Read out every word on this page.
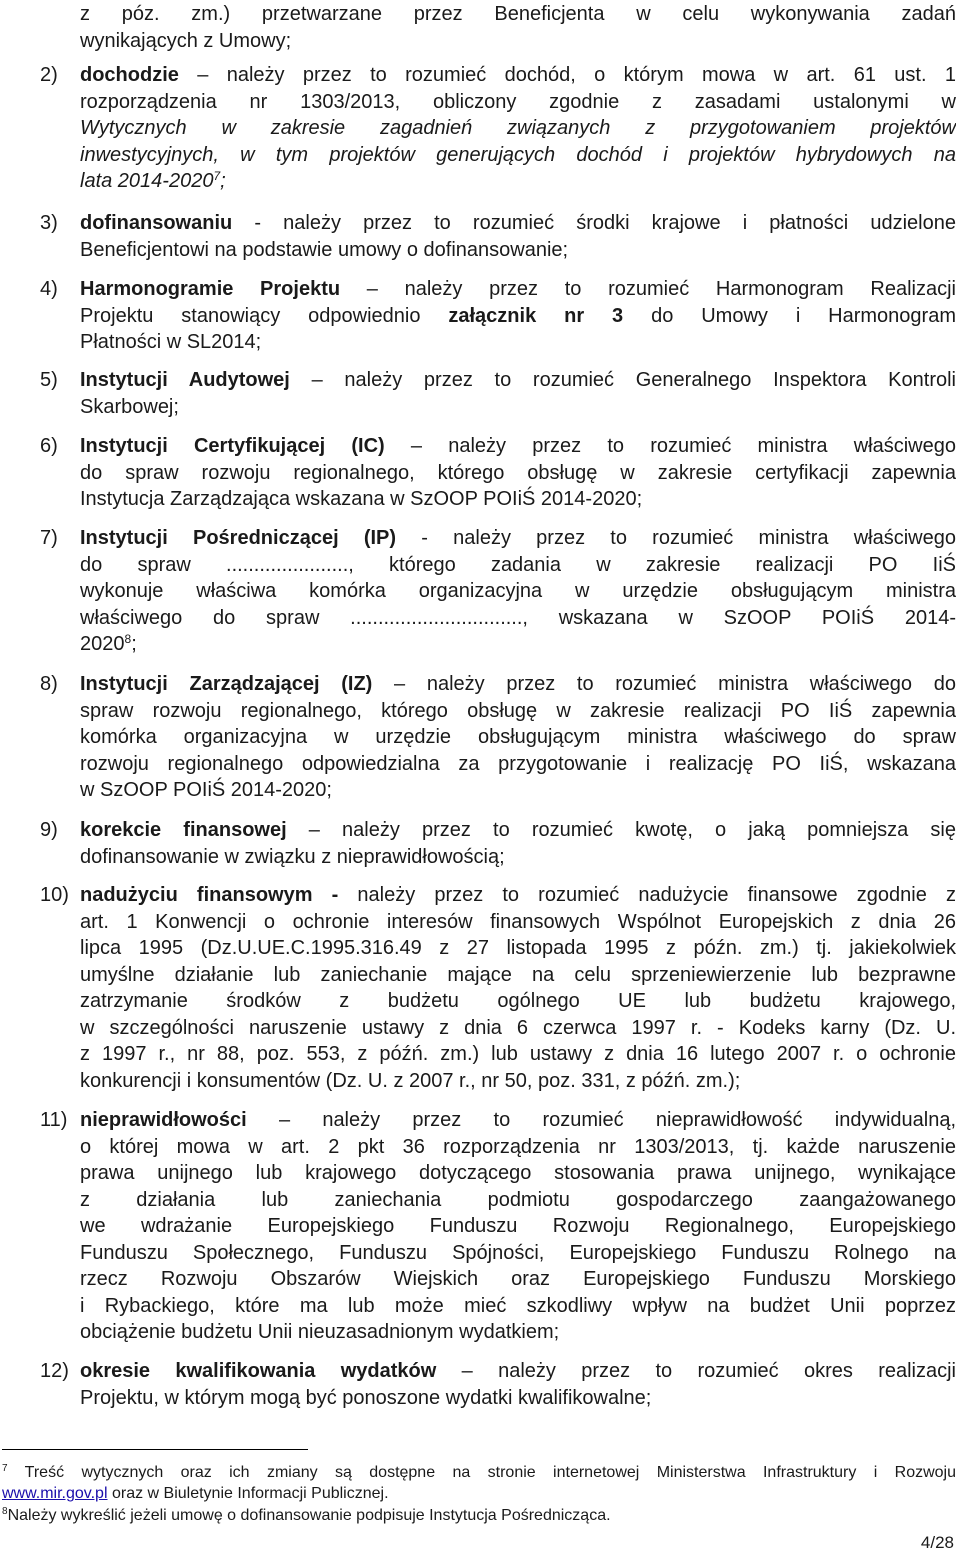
z póz. zm.) przetwarzane przez Beneficjenta w celu wykonywania zadań
wynikających z Umowy;
2) dochodzie – należy przez to rozumieć dochód, o którym mowa w art. 61 ust. 1
rozporządzenia nr 1303/2013, obliczony zgodnie z zasadami ustalonymi w
Wytycznych w zakresie zagadnień związanych z przygotowaniem projektów
inwestycyjnych, w tym projektów generujących dochód i projektów hybrydowych na
lata 2014-2020$^7$;
3) dofinansowaniu - należy przez to rozumieć środki krajowe i płatności udzielone
Beneficjentowi na podstawie umowy o dofinansowanie;
4) Harmonogramie Projektu – należy przez to rozumieć Harmonogram Realizacji
Projektu stanowiący odpowiednio załącznik nr 3 do Umowy i Harmonogram
Płatności w SL2014;
5) Instytucji Audytowej – należy przez to rozumieć Generalnego Inspektora Kontroli
Skarbowej;
6) Instytucji Certyfikującej (IC) – należy przez to rozumieć ministra właściwego
do spraw rozwoju regionalnego, którego obsługę w zakresie certyfikacji zapewnia
Instytucja Zarządzająca wskazana w SzOOP POIiŚ 2014-2020;
7) Instytucji Pośredniczącej (IP) - należy przez to rozumieć ministra właściwego
do spraw ......................, którego zadania w zakresie realizacji PO IiŚ
wykonuje właściwa komórka organizacyjna w urzędzie obsługującym ministra
właściwego do spraw ..............................., wskazana w SzOOP POIiŚ 2014-
2020$^8$;
8) Instytucji Zarządzającej (IZ) – należy przez to rozumieć ministra właściwego do
spraw rozwoju regionalnego, którego obsługę w zakresie realizacji PO IiŚ zapewnia
komórka organizacyjna w urzędzie obsługującym ministra właściwego do spraw
rozwoju regionalnego odpowiedzialna za przygotowanie i realizację PO IiŚ, wskazana
w SzOOP POIiŚ 2014-2020;
9) korekcie finansowej – należy przez to rozumieć kwotę, o jaką pomniejsza się
dofinansowanie w związku z nieprawidłowością;
10) nadużyciu finansowym - należy przez to rozumieć nadużycie finansowe zgodnie z
art. 1 Konwencji o ochronie interesów finansowych Wspólnot Europejskich z dnia 26
lipca 1995 (Dz.U.UE.C.1995.316.49 z 27 listopada 1995 z późn. zm.) tj. jakiekolwiek
umyślne działanie lub zaniechanie mające na celu sprzeniewierzenie lub bezprawne
zatrzymanie środków z budżetu ogólnego UE lub budżetu krajowego,
w szczególności naruszenie ustawy z dnia 6 czerwca 1997 r. - Kodeks karny (Dz. U.
z 1997 r., nr 88, poz. 553, z późń. zm.) lub ustawy z dnia 16 lutego 2007 r. o ochronie
konkurencji i konsumentów (Dz. U. z 2007 r., nr 50, poz. 331, z późń. zm.);
11) nieprawidłowości – należy przez to rozumieć nieprawidłowość indywidualną,
o której mowa w art. 2 pkt 36 rozporządzenia nr 1303/2013, tj. każde naruszenie
prawa unijnego lub krajowego dotyczącego stosowania prawa unijnego, wynikające
z działania lub zaniechania podmiotu gospodarczego zaangażowanego
we wdrażanie Europejskiego Funduszu Rozwoju Regionalnego, Europejskiego
Funduszu Społecznego, Funduszu Spójności, Europejskiego Funduszu Rolnego na
rzecz Rozwoju Obszarów Wiejskich oraz Europejskiego Funduszu Morskiego
i Rybackiego, które ma lub może mieć szkodliwy wpływ na budżet Unii poprzez
obciążenie budżetu Unii nieuzasadnionym wydatkiem;
12) okresie kwalifikowania wydatków – należy przez to rozumieć okres realizacji
Projektu, w którym mogą być ponoszone wydatki kwalifikowalne;
$^7$ Treść wytycznych oraz ich zmiany są dostępne na stronie internetowej Ministerstwa Infrastruktury i Rozwoju
www.mir.gov.pl oraz w Biuletynie Informacji Publicznej.
$^8$Należy wykreślić jeżeli umowę o dofinansowanie podpisuje Instytucja Pośrednicząca.
4/28
